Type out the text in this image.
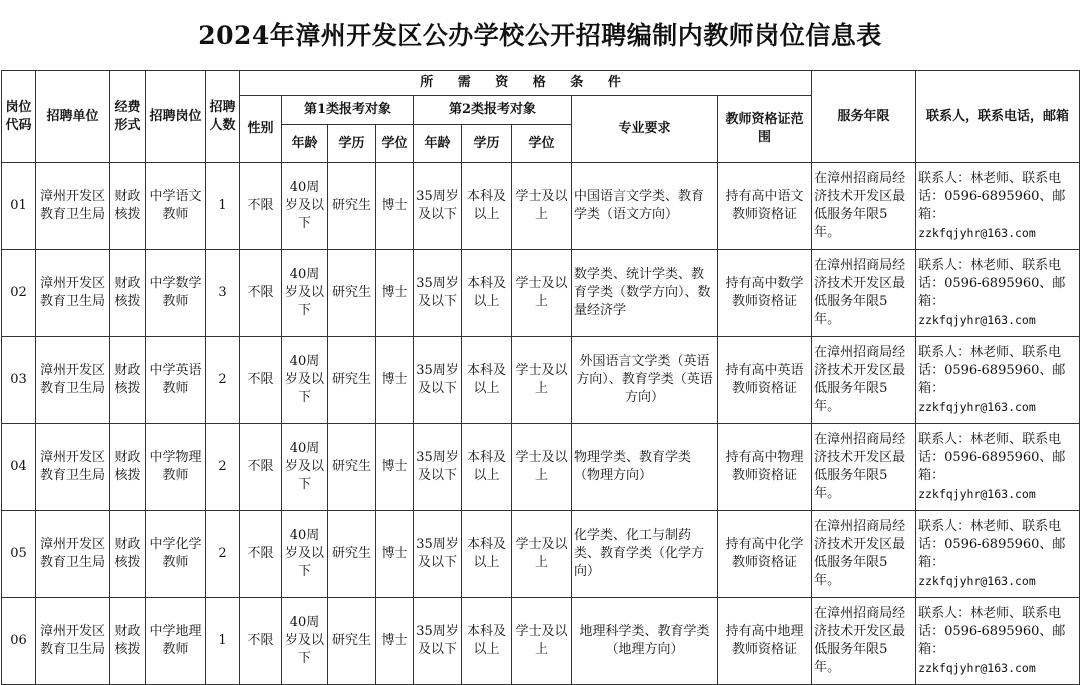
2024年漳州开发区公办学校公开招聘编制内教师岗位信息表
岗位代码	招聘单位	经费形式	招聘岗位	招聘人数	所 需 资 格 条 件									服务年限	联系人，联系电话，邮箱
					性别	第1类报考对象			第2类报考对象			专业要求	教师资格证范围		
						年龄	学历	学位	年龄	学历	学位				
01	漳州开发区教育卫生局	财政核拨	中学语文教师	1	不限	40周岁及以下	研究生	博士	35周岁及以下	本科及以上	学士及以上	中国语言文学类、教育学类（语文方向）	持有高中语文教师资格证	在漳州招商局经济技术开发区最低服务年限5年。	联系人：林老师、联系电话：0596-6895960、邮箱：
zzkfqjyhr@163.com
02	漳州开发区教育卫生局	财政核拨	中学数学教师	3	不限	40周岁及以下	研究生	博士	35周岁及以下	本科及以上	学士及以上	数学类、统计学类、教育学类（数学方向）、数量经济学	持有高中数学教师资格证	在漳州招商局经济技术开发区最低服务年限5年。	联系人：林老师、联系电话：0596-6895960、邮箱：
zzkfqjyhr@163.com
03	漳州开发区教育卫生局	财政核拨	中学英语教师	2	不限	40周岁及以下	研究生	博士	35周岁及以下	本科及以上	学士及以上	外国语言文学类（英语方向）、教育学类（英语方向）	持有高中英语教师资格证	在漳州招商局经济技术开发区最低服务年限5年。	联系人：林老师、联系电话：0596-6895960、邮箱：
zzkfqjyhr@163.com
04	漳州开发区教育卫生局	财政核拨	中学物理教师	2	不限	40周岁及以下	研究生	博士	35周岁及以下	本科及以上	学士及以上	物理学类、教育学类（物理方向）	持有高中物理教师资格证	在漳州招商局经济技术开发区最低服务年限5年。	联系人：林老师、联系电话：0596-6895960、邮箱：
zzkfqjyhr@163.com
05	漳州开发区教育卫生局	财政核拨	中学化学教师	2	不限	40周岁及以下	研究生	博士	35周岁及以下	本科及以上	学士及以上	化学类、化工与制药类、教育学类（化学方向）	持有高中化学教师资格证	在漳州招商局经济技术开发区最低服务年限5年。	联系人：林老师、联系电话：0596-6895960、邮箱：
zzkfqjyhr@163.com
06	漳州开发区教育卫生局	财政核拨	中学地理教师	1	不限	40周岁及以下	研究生	博士	35周岁及以下	本科及以上	学士及以上	地理科学类、教育学类（地理方向）	持有高中地理教师资格证	在漳州招商局经济技术开发区最低服务年限5年。	联系人：林老师、联系电话：0596-6895960、邮箱：
zzkfqjyhr@163.com
